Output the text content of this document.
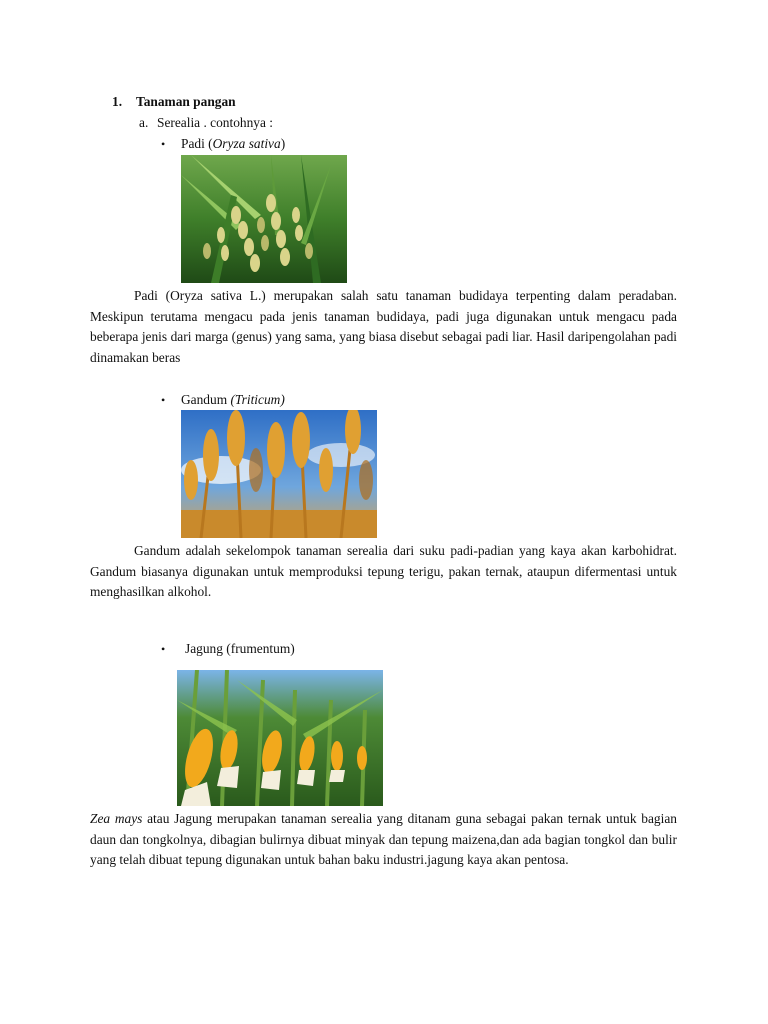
1. Tanaman pangan
a. Serealia . contohnya :
• Padi (Oryza sativa)
Padi (Oryza sativa L.) merupakan salah satu tanaman budidaya terpenting dalam peradaban. Meskipun terutama mengacu pada jenis tanaman budidaya, padi juga digunakan untuk mengacu pada beberapa jenis dari marga (genus) yang sama, yang biasa disebut sebagai padi liar. Hasil daripengolahan padi dinamakan beras
• Gandum (Triticum)
Gandum adalah sekelompok tanaman serealia dari suku padi-padian yang kaya akan karbohidrat. Gandum biasanya digunakan untuk memproduksi tepung terigu, pakan ternak, ataupun difermentasi untuk menghasilkan alkohol.
• Jagung (frumentum)
Zea mays atau Jagung merupakan tanaman serealia yang ditanam guna sebagai pakan ternak untuk bagian daun dan tongkolnya, dibagian bulirnya dibuat minyak dan tepung maizena,dan ada bagian tongkol dan bulir yang telah dibuat tepung digunakan untuk bahan baku industri.jagung kaya akan pentosa.
